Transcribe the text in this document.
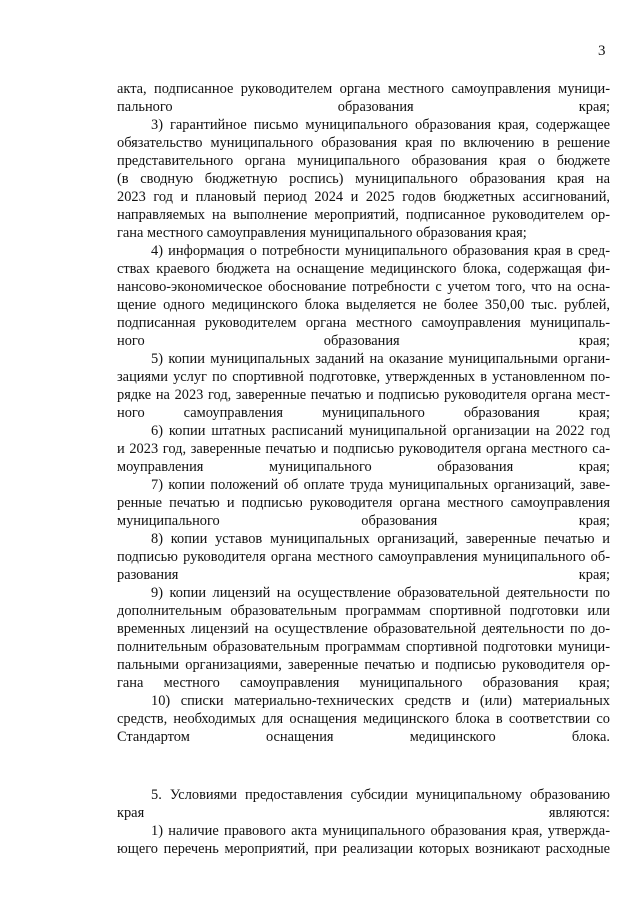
3

акта, подписанное руководителем органа местного самоуправления муници-
пального образования края;

3) гарантийное письмо муниципального образования края, содержащее
обязательство муниципального образования края по включению в решение
представительного органа муниципального образования края о бюджете
(в сводную бюджетную роспись) муниципального образования края на
2023 год и плановый период 2024 и 2025 годов бюджетных ассигнований,
направляемых на выполнение мероприятий, подписанное руководителем ор-
гана местного самоуправления муниципального образования края;

4) информация о потребности муниципального образования края в сред-
ствах краевого бюджета на оснащение медицинского блока, содержащая фи-
нансово-экономическое обоснование потребности с учетом того, что на осна-
щение одного медицинского блока выделяется не более 350,00 тыс. рублей,
подписанная руководителем органа местного самоуправления муниципаль-
ного образования края;

5) копии муниципальных заданий на оказание муниципальными органи-
зациями услуг по спортивной подготовке, утвержденных в установленном по-
рядке на 2023 год, заверенные печатью и подписью руководителя органа мест-
ного самоуправления муниципального образования края;

6) копии штатных расписаний муниципальной организации на 2022 год
и 2023 год, заверенные печатью и подписью руководителя органа местного са-
моуправления муниципального образования края;

7) копии положений об оплате труда муниципальных организаций, заве-
ренные печатью и подписью руководителя органа местного самоуправления
муниципального образования края;

8) копии уставов муниципальных организаций, заверенные печатью и
подписью руководителя органа местного самоуправления муниципального об-
разования края;

9) копии лицензий на осуществление образовательной деятельности по
дополнительным образовательным программам спортивной подготовки или
временных лицензий на осуществление образовательной деятельности по до-
полнительным образовательным программам спортивной подготовки муници-
пальными организациями, заверенные печатью и подписью руководителя ор-
гана местного самоуправления муниципального образования края;

10) списки материально-технических средств и (или) материальных
средств, необходимых для оснащения медицинского блока в соответствии со
Стандартом оснащения медицинского блока.

5. Условиями предоставления субсидии муниципальному образованию
края являются:

1) наличие правового акта муниципального образования края, утвержда-
ющего перечень мероприятий, при реализации которых возникают расходные
